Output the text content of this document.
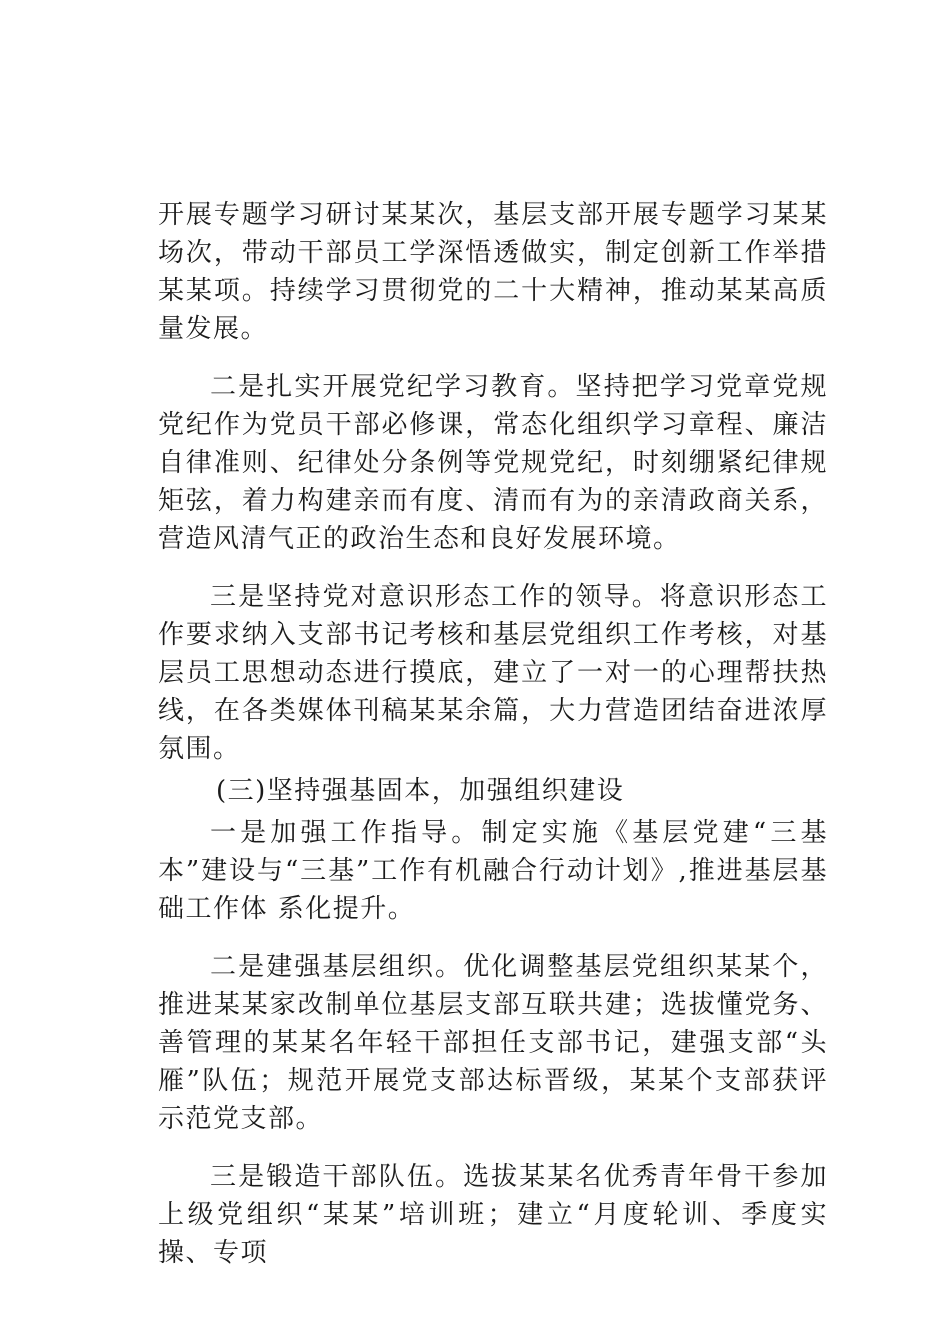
开展专题学习研讨某某次，基层支部开展专题学习某某场次，带动干部员工学深悟透做实，制定创新工作举措某某项。持续学习贯彻党的二十大精神，推动某某高质量发展。

二是扎实开展党纪学习教育。坚持把学习党章党规党纪作为党员干部必修课，常态化组织学习章程、廉洁自律准则、纪律处分条例等党规党纪，时刻绷紧纪律规矩弦，着力构建亲而有度、清而有为的亲清政商关系，营造风清气正的政治生态和良好发展环境。

三是坚持党对意识形态工作的领导。将意识形态工作要求纳入支部书记考核和基层党组织工作考核，对基层员工思想动态进行摸底，建立了一对一的心理帮扶热线，在各类媒体刊稿某某余篇，大力营造团结奋进浓厚氛围。

(三)坚持强基固本，加强组织建设

一是加强工作指导。制定实施《基层党建“三基本”建设与“三基”工作有机融合行动计划》,推进基层基础工作体 系化提升。

二是建强基层组织。优化调整基层党组织某某个，推进某某家改制单位基层支部互联共建；选拔懂党务、善管理的某某名年轻干部担任支部书记，建强支部“头雁”队伍；规范开展党支部达标晋级，某某个支部获评示范党支部。

三是锻造干部队伍。选拔某某名优秀青年骨干参加上级党组织“某某”培训班；建立“月度轮训、季度实操、专项
